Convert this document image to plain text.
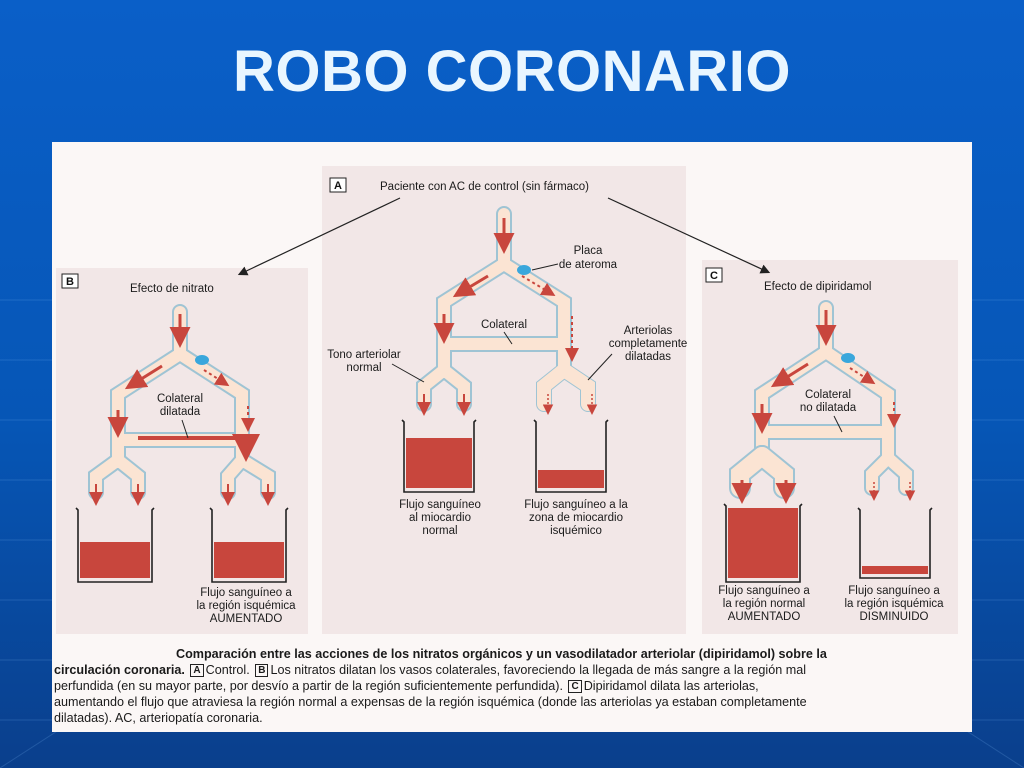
ROBO CORONARIO
A	Paciente con AC de control (sin fármaco)
Placa
de ateroma
Colateral	Arteriolas
completamente
dilatadas
Tono arteriolar
normal
Flujo sanguíneo
al miocardio
normal
Flujo sanguíneo a la
zona de miocardio
isquémico
B
Efecto de nitrato
Colateral
dilatada
Flujo sanguíneo a
la región isquémica
AUMENTADO
C
Efecto de dipiridamol
Colateral
no dilatada
Flujo sanguíneo a
la región normal
AUMENTADO
Flujo sanguíneo a
la región isquémica
DISMINUIDO
Comparación entre las acciones de los nitratos orgánicos y un vasodilatador arteriolar (dipiridamol) sobre la
circulación coronaria. A Control. B Los nitratos dilatan los vasos colaterales, favoreciendo la llegada de más sangre a la región mal
perfundida (en su mayor parte, por desvío a partir de la región suficientemente perfundida). C Dipiridamol dilata las arteriolas,
aumentando el flujo que atraviesa la región normal a expensas de la región isquémica (donde las arteriolas ya estaban completamente
dilatadas). AC, arteriopatía coronaria.
